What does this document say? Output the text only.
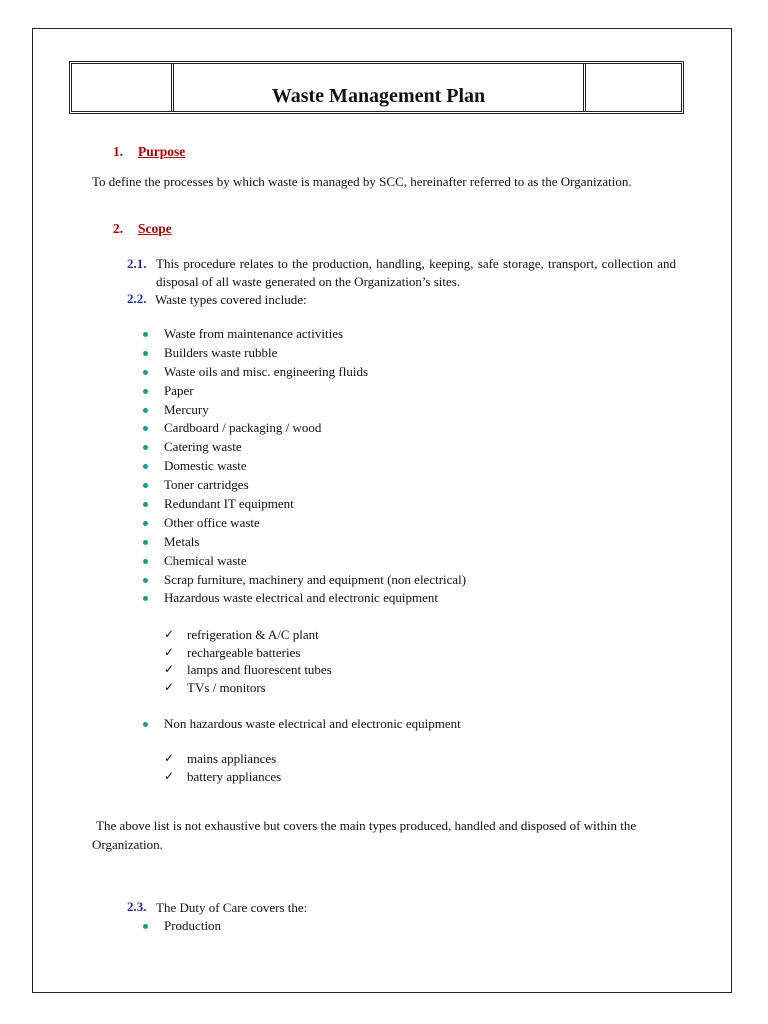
Waste Management Plan
1. Purpose
To define the processes by which waste is managed by SCC, hereinafter referred to as the Organization.
2. Scope
2.1. This procedure relates to the production, handling, keeping, safe storage, transport, collection and disposal of all waste generated on the Organization’s sites.
2.2. Waste types covered include:
Waste from maintenance activities
Builders waste rubble
Waste oils and misc. engineering fluids
Paper
Mercury
Cardboard / packaging / wood
Catering waste
Domestic waste
Toner cartridges
Redundant IT equipment
Other office waste
Metals
Chemical waste
Scrap furniture, machinery and equipment (non electrical)
Hazardous waste electrical and electronic equipment
✓ refrigeration & A/C plant
✓ rechargeable batteries
✓ lamps and fluorescent tubes
✓ TVs / monitors
Non hazardous waste electrical and electronic equipment
✓ mains appliances
✓ battery appliances
The above list is not exhaustive but covers the main types produced, handled and disposed of within the Organization.
2.3. The Duty of Care covers the:
Production
